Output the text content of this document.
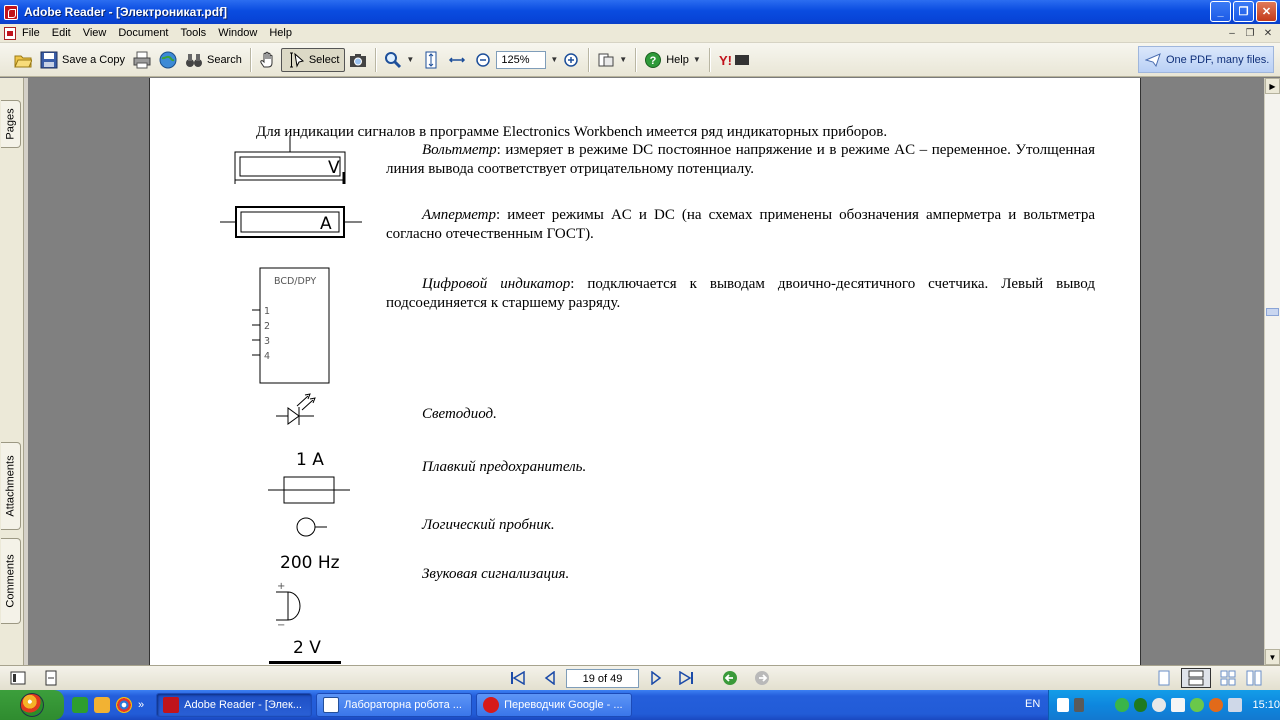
Adobe Reader - [Электроникат.pdf]	_	❐	✕
File	Edit	View	Document	Tools	Window	Help	–	❐ ✕
Save a Copy	Search	Select	▼	125%	▼	▼ ? Help ▼ Y!	One PDF, many files.
Pages
Attachments
Comments
Для индикации сигналов в программе Electronics Workbench имеется ряд индикаторных приборов.
V
Вольтметр: измеряет в режиме DC постоянное напряжение и в режиме AC – переменное. Утолщенная линия вывода соответствует отрицательному потенциалу.
A	Амперметр: имеет режимы AC и DC (на схемах применены обозначения амперметра и вольтметра согласно отечественным ГОСТ).
BCD/DPY
1
2
3
4
Цифровой индикатор: подключается к выводам двоично-десятичного счетчика. Левый вывод подсоединяется к старшему разряду.
Светодиод.
1 A	Плавкий предохранитель.
Логический пробник.
200 Hz
+
−
Звуковая сигнализация.
2 V
▶
▼
19 of 49
»	Adobe Reader - [Элек...	Лабораторна робота ...	Переводчик Google - ...	EN	15:10
